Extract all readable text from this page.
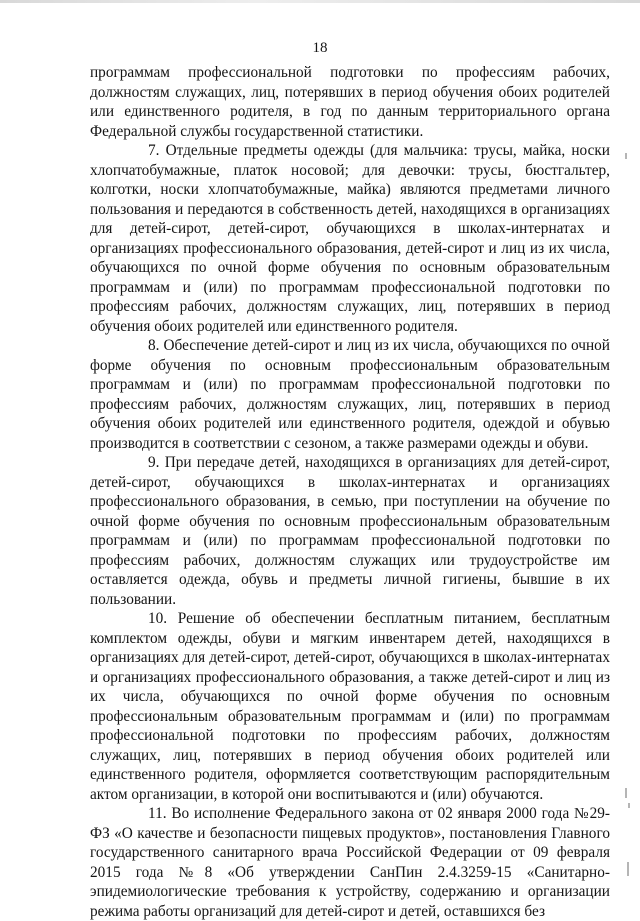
18

программам профессиональной подготовки по профессиям рабочих, должностям служащих, лиц, потерявших в период обучения обоих родителей или единственного родителя, в год по данным территориального органа Федеральной службы государственной статистики.

7. Отдельные предметы одежды (для мальчика: трусы, майка, носки хлопчатобумажные, платок носовой; для девочки: трусы, бюстгальтер, колготки, носки хлопчатобумажные, майка) являются предметами личного пользования и передаются в собственность детей, находящихся в организациях для детей-сирот, детей-сирот, обучающихся в школах-интернатах и организациях профессионального образования, детей-сирот и лиц из их числа, обучающихся по очной форме обучения по основным образовательным программам и (или) по программам профессиональной подготовки по профессиям рабочих, должностям служащих, лиц, потерявших в период обучения обоих родителей или единственного родителя.

8. Обеспечение детей-сирот и лиц из их числа, обучающихся по очной форме обучения по основным профессиональным образовательным программам и (или) по программам профессиональной подготовки по профессиям рабочих, должностям служащих, лиц, потерявших в период обучения обоих родителей или единственного родителя, одеждой и обувью производится в соответствии с сезоном, а также размерами одежды и обуви.

9. При передаче детей, находящихся в организациях для детей-сирот, детей-сирот, обучающихся в школах-интернатах и организациях профессионального образования, в семью, при поступлении на обучение по очной форме обучения по основным профессиональным образовательным программам и (или) по программам профессиональной подготовки по профессиям рабочих, должностям служащих или трудоустройстве им оставляется одежда, обувь и предметы личной гигиены, бывшие в их пользовании.

10. Решение об обеспечении бесплатным питанием, бесплатным комплектом одежды, обуви и мягким инвентарем детей, находящихся в организациях для детей-сирот, детей-сирот, обучающихся в школах-интернатах и организациях профессионального образования, а также детей-сирот и лиц из их числа, обучающихся по очной форме обучения по основным профессиональным образовательным программам и (или) по программам профессиональной подготовки по профессиям рабочих, должностям служащих, лиц, потерявших в период обучения обоих родителей или единственного родителя, оформляется соответствующим распорядительным актом организации, в которой они воспитываются и (или) обучаются.

11. Во исполнение Федерального закона от 02 января 2000 года №29-ФЗ «О качестве и безопасности пищевых продуктов», постановления Главного государственного санитарного врача Российской Федерации от 09 февраля 2015 года №8 «Об утверждении СанПин 2.4.3259-15 «Санитарно-эпидемиологические требования к устройству, содержанию и организации режима работы организаций для детей-сирот и детей, оставшихся без
